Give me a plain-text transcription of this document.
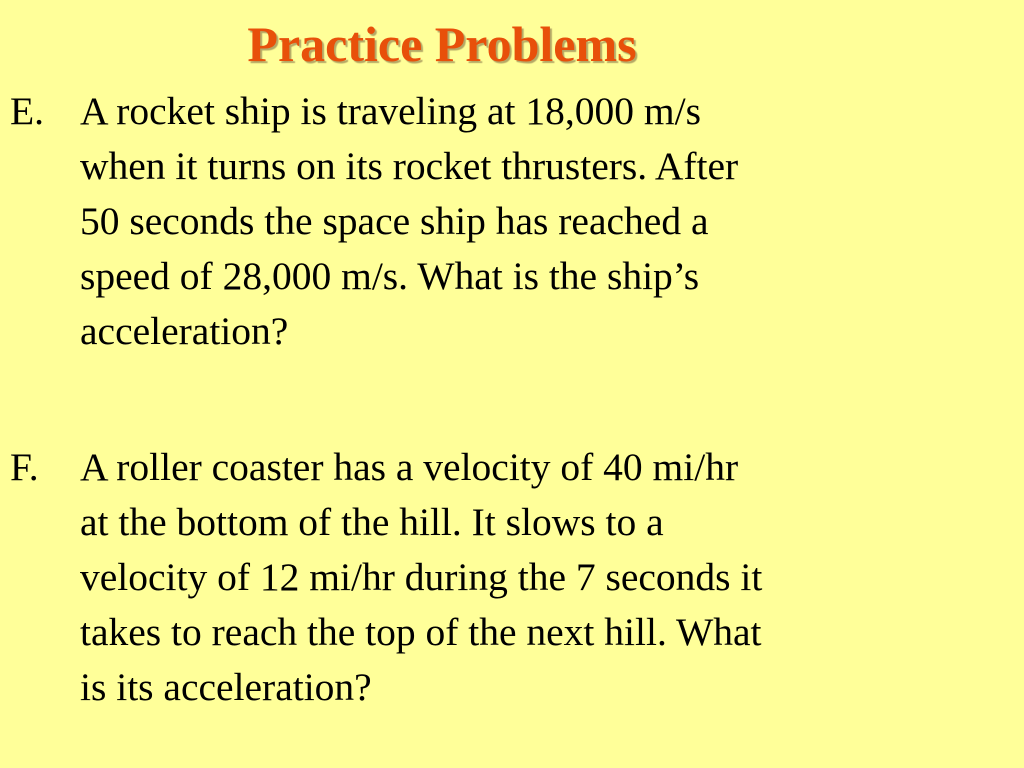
Practice Problems
E. A rocket ship is traveling at 18,000 m/s
when it turns on its rocket thrusters. After
50 seconds the space ship has reached a
speed of 28,000 m/s. What is the ship’s
acceleration?
F. A roller coaster has a velocity of 40 mi/hr
at the bottom of the hill. It slows to a
velocity of 12 mi/hr during the 7 seconds it
takes to reach the top of the next hill. What
is its acceleration?
